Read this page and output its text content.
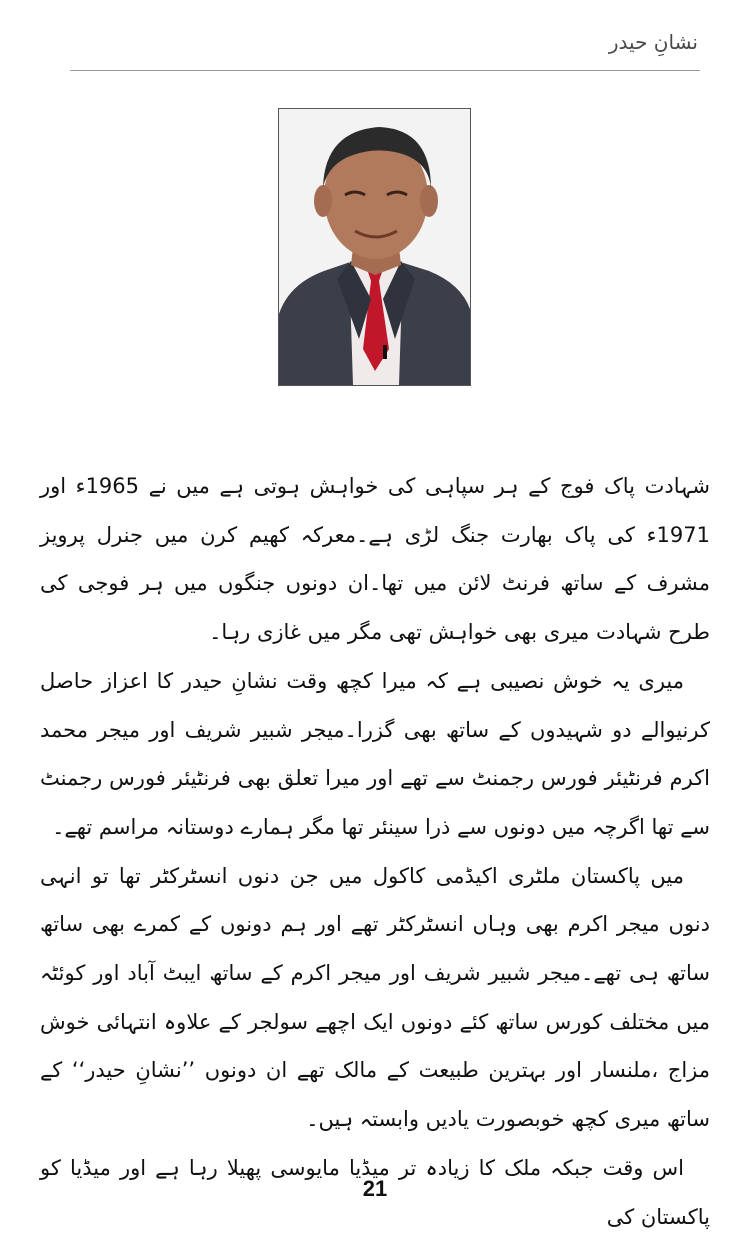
نشانِ حیدر

شہادت پاک فوج کے ہر سپاہی کی خواہش ہوتی ہے میں نے 1965ء اور 1971ء کی پاک بھارت جنگ لڑی ہے۔معرکہ کھیم کرن میں جنرل پرویز مشرف کے ساتھ فرنٹ لائن میں تھا۔ان دونوں جنگوں میں ہر فوجی کی طرح شہادت میری بھی خواہش تھی مگر میں غازی رہا۔

میری یہ خوش نصیبی ہے کہ میرا کچھ وقت نشانِ حیدر کا اعزاز حاصل کرنیوالے دو شہیدوں کے ساتھ بھی گزرا۔میجر شبیر شریف اور میجر محمد اکرم فرنٹیئر فورس رجمنٹ سے تھے اور میرا تعلق بھی فرنٹیئر فورس رجمنٹ سے تھا اگرچہ میں دونوں سے ذرا سینئر تھا مگر ہمارے دوستانہ مراسم تھے۔

میں پاکستان ملٹری اکیڈمی کاکول میں جن دنوں انسٹرکٹر تھا تو انہی دنوں میجر اکرم بھی وہاں انسٹرکٹر تھے اور ہم دونوں کے کمرے بھی ساتھ ساتھ ہی تھے۔میجر شبیر شریف اور میجر اکرم کے ساتھ ایبٹ آباد اور کوئٹہ میں مختلف کورس ساتھ کئے دونوں ایک اچھے سولجر کے علاوہ انتہائی خوش مزاج ،ملنسار اور بہترین طبیعت کے مالک تھے ان دونوں ’’نشانِ حیدر‘‘ کے ساتھ میری کچھ خوبصورت یادیں وابستہ ہیں۔

اس وقت جبکہ ملک کا زیادہ تر میڈیا مایوسی پھیلا رہا ہے اور میڈیا کو پاکستان کی

21
